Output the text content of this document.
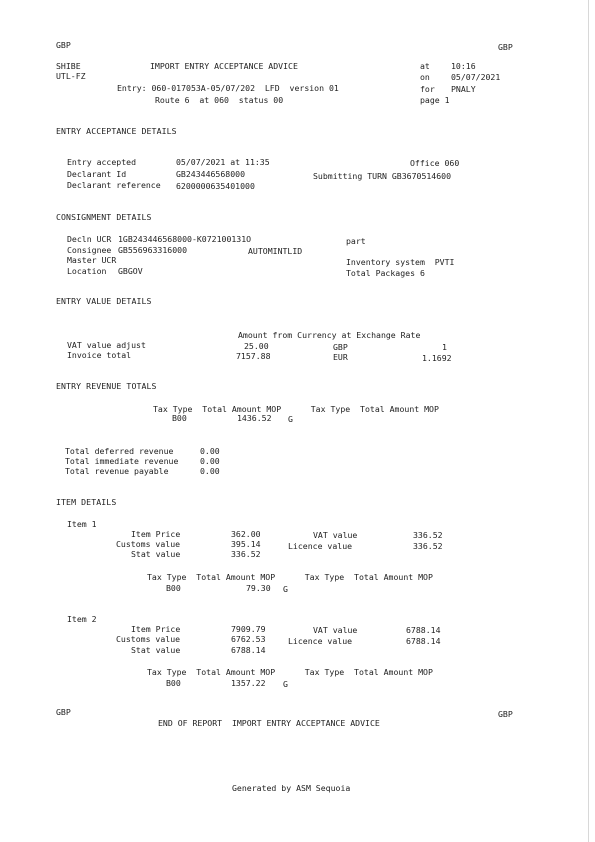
GBP	GBP
SHIBE
UTL-FZ
IMPORT ENTRY ACCEPTANCE ADVICE
Entry: 060-017053A-05/07/202  LFD  version 01
Route 6  at 060  status 00
at	10:16
on	05/07/2021
for PNALY
page 1
ENTRY ACCEPTANCE DETAILS
Entry accepted	05/07/2021 at 11:35	Office 060
Declarant Id	GB243446568000	Submitting TURN GB3670514600
Declarant reference 6200000635401000
CONSIGNMENT DETAILS
Decln UCR 1GB243446568000-K072100131O	part
Consignee GB556963316000	AUTOMINTLID
Master UCR	Inventory system  PVTI
Location GBGOV	Total Packages 6
ENTRY VALUE DETAILS
Amount from Currency at Exchange Rate
VAT value adjust	25.00	GBP	1
Invoice total	7157.88	EUR	1.1692
ENTRY REVENUE TOTALS
Tax Type  Total Amount MOP      Tax Type  Total Amount MOP
B00	1436.52 G
Total deferred revenue	0.00
Total immediate revenue	0.00
Total revenue payable	0.00
ITEM DETAILS
Item 1
Item Price	362.00	VAT value	336.52
Customs value	395.14	Licence value	336.52
Stat value	336.52
Tax Type  Total Amount MOP      Tax Type  Total Amount MOP
B00	79.30 G
Item 2
Item Price	7909.79	VAT value	6788.14
Customs value	6762.53	Licence value	6788.14
Stat value	6788.14
Tax Type  Total Amount MOP      Tax Type  Total Amount MOP
B00	1357.22 G
GBP	GBP
END OF REPORT  IMPORT ENTRY ACCEPTANCE ADVICE
Generated by ASM Sequoia
